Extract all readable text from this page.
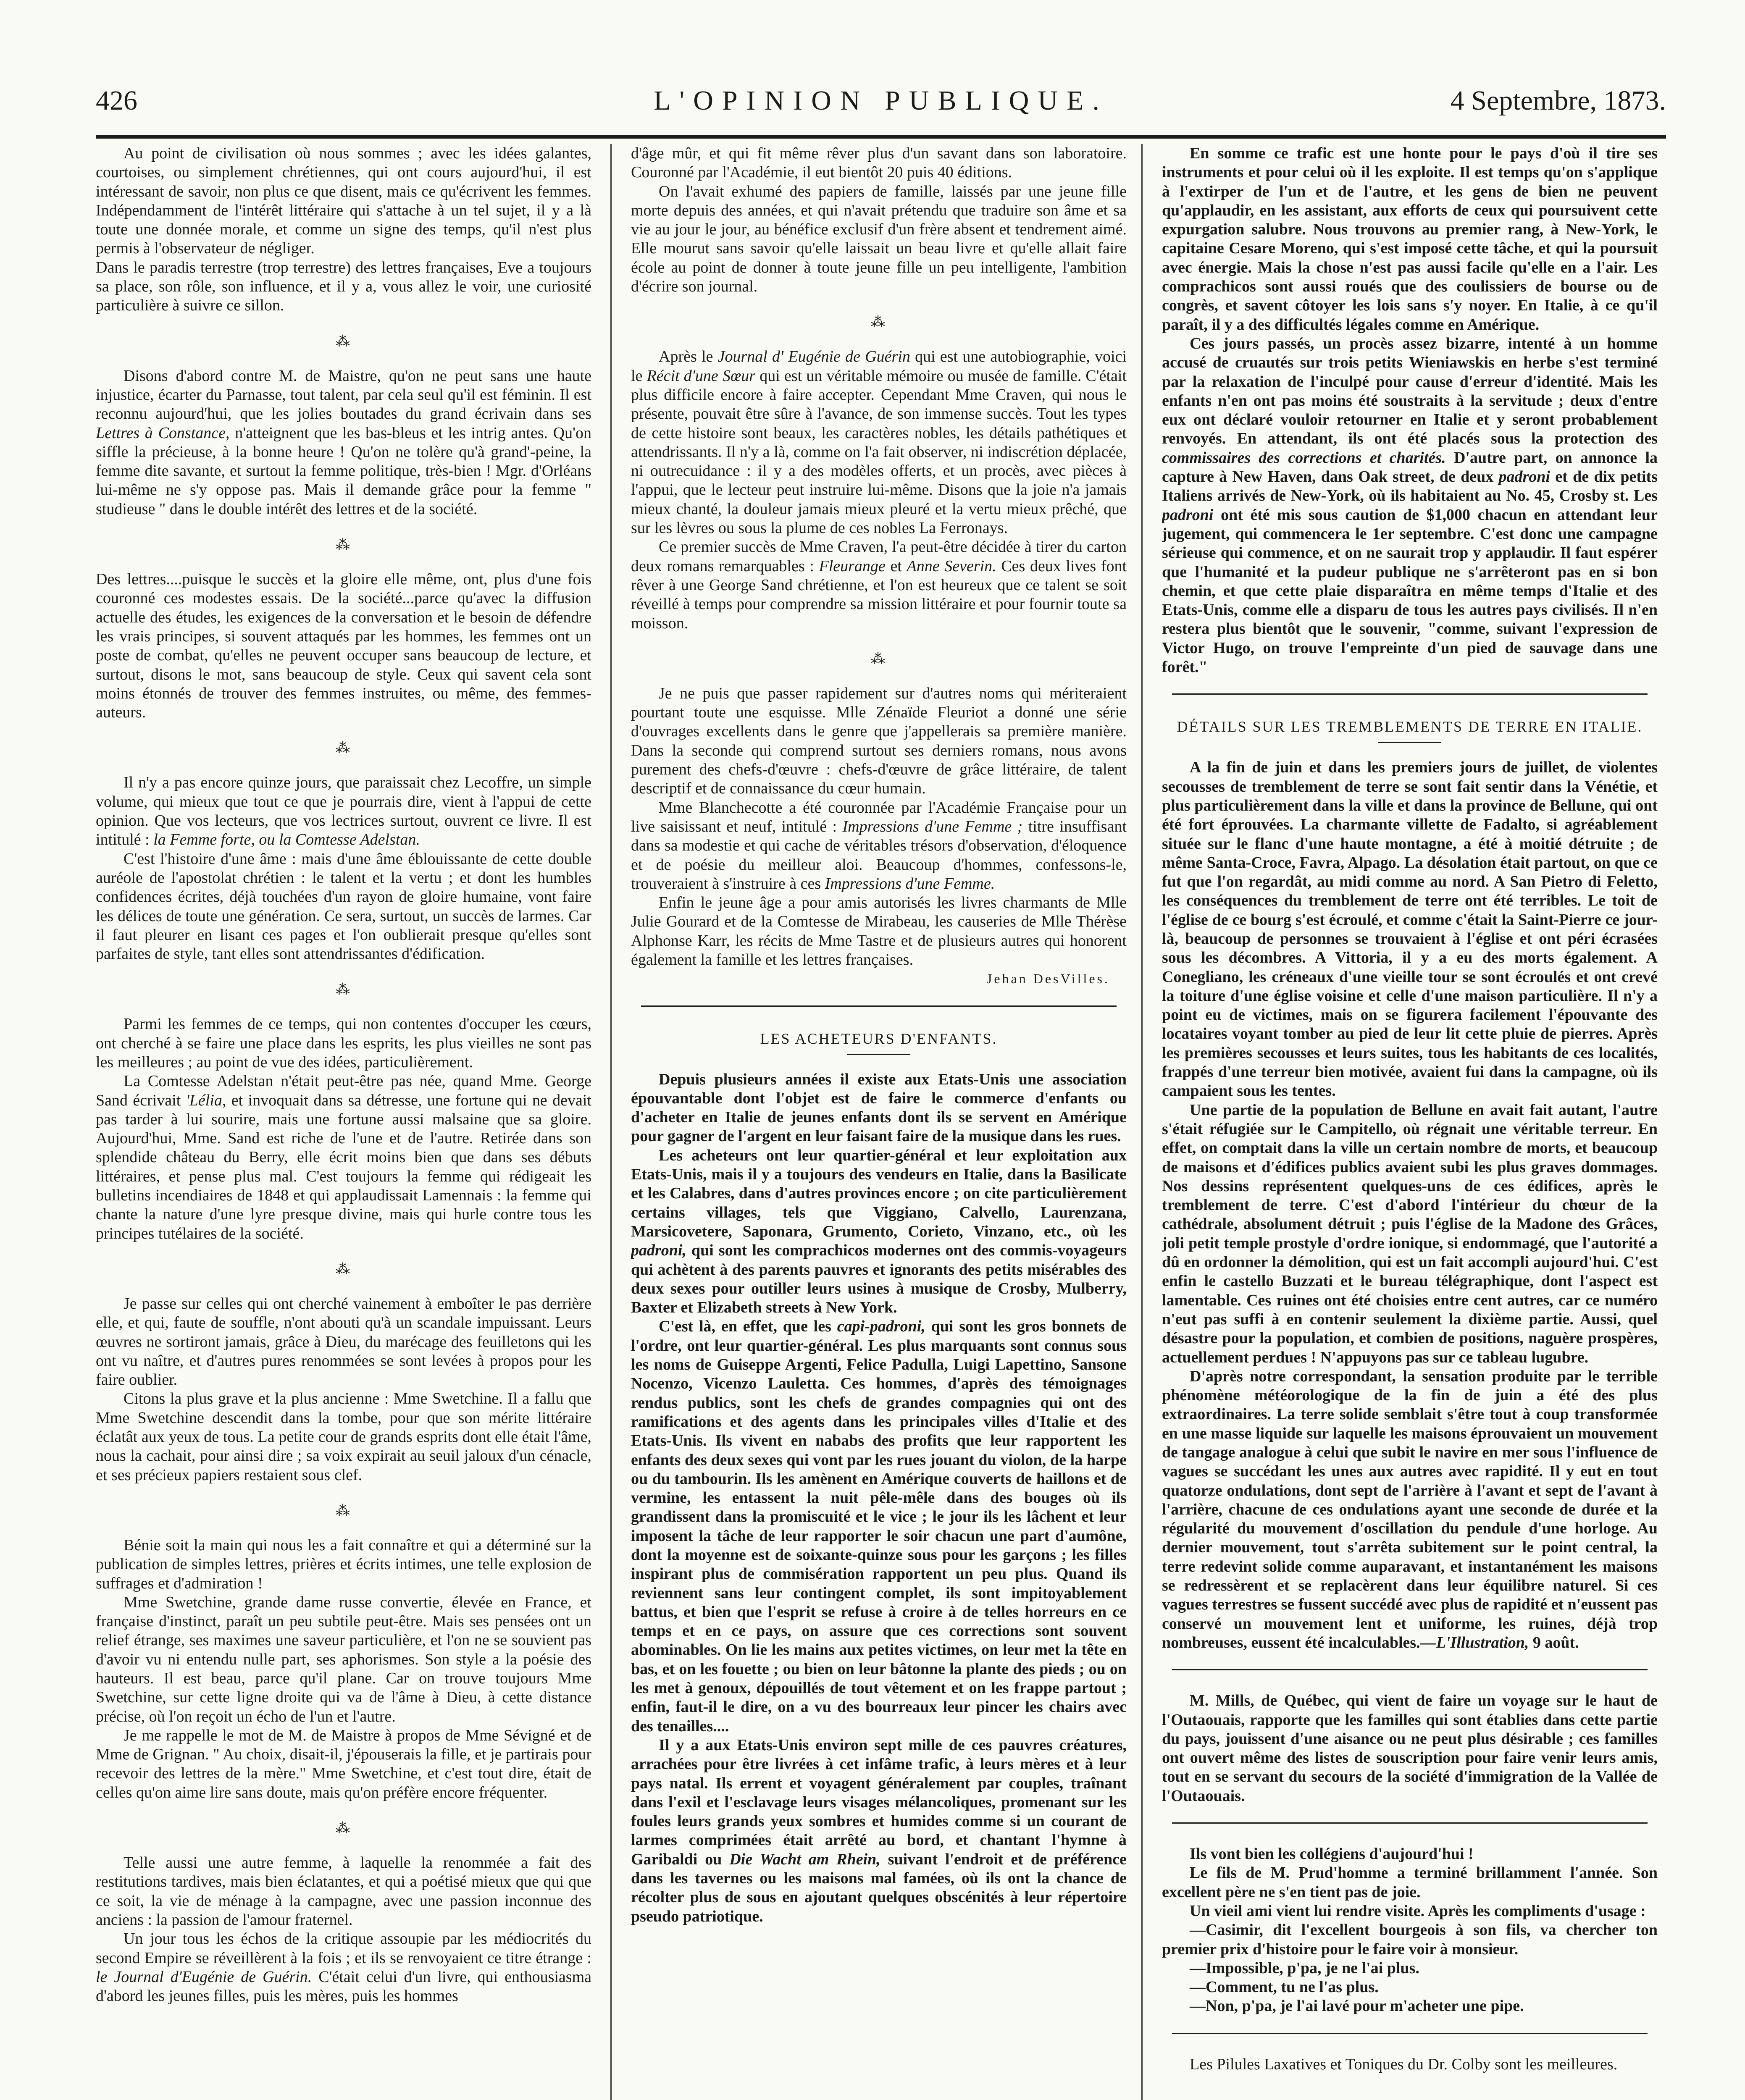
426	L'OPINION PUBLIQUE.	4 Septembre, 1873.

Au point de civilisation où nous sommes ; avec les idées galantes, courtoises, ou simplement chrétiennes, qui ont cours aujourd'hui, il est intéressant de savoir, non plus ce que disent, mais ce qu'écrivent les femmes. Indépendamment de l'intérêt littéraire qui s'attache à un tel sujet, il y a là toute une donnée morale, et comme un signe des temps, qu'il n'est plus permis à l'observateur de négliger.

Dans le paradis terrestre (trop terrestre) des lettres françaises, Eve a toujours sa place, son rôle, son influence, et il y a, vous allez le voir, une curiosité particulière à suivre ce sillon.

⁂

Disons d'abord contre M. de Maistre, qu'on ne peut sans une haute injustice, écarter du Parnasse, tout talent, par cela seul qu'il est féminin. Il est reconnu aujourd'hui, que les jolies boutades du grand écrivain dans ses Lettres à Constance, n'atteignent que les bas-bleus et les intrig antes. Qu'on siffle la précieuse, à la bonne heure ! Qu'on ne tolère qu'à grand'-peine, la femme dite savante, et surtout la femme politique, très-bien ! Mgr. d'Orléans lui-même ne s'y oppose pas. Mais il demande grâce pour la femme " studieuse " dans le double intérêt des lettres et de la société.

⁂

Des lettres....puisque le succès et la gloire elle même, ont, plus d'une fois couronné ces modestes essais. De la société...parce qu'avec la diffusion actuelle des études, les exigences de la conversation et le besoin de défendre les vrais principes, si souvent attaqués par les hommes, les femmes ont un poste de combat, qu'elles ne peuvent occuper sans beaucoup de lecture, et surtout, disons le mot, sans beaucoup de style. Ceux qui savent cela sont moins étonnés de trouver des femmes instruites, ou même, des femmes-auteurs.

⁂

Il n'y a pas encore quinze jours, que paraissait chez Lecoffre, un simple volume, qui mieux que tout ce que je pourrais dire, vient à l'appui de cette opinion. Que vos lecteurs, que vos lectrices surtout, ouvrent ce livre. Il est intitulé : la Femme forte, ou la Comtesse Adelstan.

C'est l'histoire d'une âme : mais d'une âme éblouissante de cette double auréole de l'apostolat chrétien : le talent et la vertu ; et dont les humbles confidences écrites, déjà touchées d'un rayon de gloire humaine, vont faire les délices de toute une génération. Ce sera, surtout, un succès de larmes. Car il faut pleurer en lisant ces pages et l'on oublierait presque qu'elles sont parfaites de style, tant elles sont attendrissantes d'édification.

⁂

Parmi les femmes de ce temps, qui non contentes d'occuper les cœurs, ont cherché à se faire une place dans les esprits, les plus vieilles ne sont pas les meilleures ; au point de vue des idées, particulièrement.

La Comtesse Adelstan n'était peut-être pas née, quand Mme. George Sand écrivait 'Lélia, et invoquait dans sa détresse, une fortune qui ne devait pas tarder à lui sourire, mais une fortune aussi malsaine que sa gloire. Aujourd'hui, Mme. Sand est riche de l'une et de l'autre. Retirée dans son splendide château du Berry, elle écrit moins bien que dans ses débuts littéraires, et pense plus mal. C'est toujours la femme qui rédigeait les bulletins incendiaires de 1848 et qui applaudissait Lamennais : la femme qui chante la nature d'une lyre presque divine, mais qui hurle contre tous les principes tutélaires de la société.

⁂

Je passe sur celles qui ont cherché vainement à emboîter le pas derrière elle, et qui, faute de souffle, n'ont abouti qu'à un scandale impuissant. Leurs œuvres ne sortiront jamais, grâce à Dieu, du marécage des feuilletons qui les ont vu naître, et d'autres pures renommées se sont levées à propos pour les faire oublier.

Citons la plus grave et la plus ancienne : Mme Swetchine. Il a fallu que Mme Swetchine descendit dans la tombe, pour que son mérite littéraire éclatât aux yeux de tous. La petite cour de grands esprits dont elle était l'âme, nous la cachait, pour ainsi dire ; sa voix expirait au seuil jaloux d'un cénacle, et ses précieux papiers restaient sous clef.

⁂

Bénie soit la main qui nous les a fait connaître et qui a déterminé sur la publication de simples lettres, prières et écrits intimes, une telle explosion de suffrages et d'admiration !

Mme Swetchine, grande dame russe convertie, élevée en France, et française d'instinct, paraît un peu subtile peut-être. Mais ses pensées ont un relief étrange, ses maximes une saveur particulière, et l'on ne se souvient pas d'avoir vu ni entendu nulle part, ses aphorismes. Son style a la poésie des hauteurs. Il est beau, parce qu'il plane. Car on trouve toujours Mme Swetchine, sur cette ligne droite qui va de l'âme à Dieu, à cette distance précise, où l'on reçoit un écho de l'un et l'autre.

Je me rappelle le mot de M. de Maistre à propos de Mme Sévigné et de Mme de Grignan. " Au choix, disait-il, j'épouserais la fille, et je partirais pour recevoir des lettres de la mère." Mme Swetchine, et c'est tout dire, était de celles qu'on aime lire sans doute, mais qu'on préfère encore fréquenter.

⁂

Telle aussi une autre femme, à laquelle la renommée a fait des restitutions tardives, mais bien éclatantes, et qui a poétisé mieux que qui que ce soit, la vie de ménage à la campagne, avec une passion inconnue des anciens : la passion de l'amour fraternel.

Un jour tous les échos de la critique assoupie par les médiocrités du second Empire se réveillèrent à la fois ; et ils se renvoyaient ce titre étrange : le Journal d'Eugénie de Guérin. C'était celui d'un livre, qui enthousiasma d'abord les jeunes filles, puis les mères, puis les hommes

d'âge mûr, et qui fit même rêver plus d'un savant dans son laboratoire. Couronné par l'Académie, il eut bientôt 20 puis 40 éditions.

On l'avait exhumé des papiers de famille, laissés par une jeune fille morte depuis des années, et qui n'avait prétendu que traduire son âme et sa vie au jour le jour, au bénéfice exclusif d'un frère absent et tendrement aimé. Elle mourut sans savoir qu'elle laissait un beau livre et qu'elle allait faire école au point de donner à toute jeune fille un peu intelligente, l'ambition d'écrire son journal.

⁂

Après le Journal d' Eugénie de Guérin qui est une autobiographie, voici le Récit d'une Sœur qui est un véritable mémoire ou musée de famille. C'était plus difficile encore à faire accepter. Cependant Mme Craven, qui nous le présente, pouvait être sûre à l'avance, de son immense succès. Tout les types de cette histoire sont beaux, les caractères nobles, les détails pathétiques et attendrissants. Il n'y a là, comme on l'a fait observer, ni indiscrétion déplacée, ni outrecuidance : il y a des modèles offerts, et un procès, avec pièces à l'appui, que le lecteur peut instruire lui-même. Disons que la joie n'a jamais mieux chanté, la douleur jamais mieux pleuré et la vertu mieux prêché, que sur les lèvres ou sous la plume de ces nobles La Ferronays.

Ce premier succès de Mme Craven, l'a peut-être décidée à tirer du carton deux romans remarquables : Fleurange et Anne Severin. Ces deux lives font rêver à une George Sand chrétienne, et l'on est heureux que ce talent se soit réveillé à temps pour comprendre sa mission littéraire et pour fournir toute sa moisson.

⁂

Je ne puis que passer rapidement sur d'autres noms qui mériteraient pourtant toute une esquisse. Mlle Zénaïde Fleuriot a donné une série d'ouvrages excellents dans le genre que j'appellerais sa première manière. Dans la seconde qui comprend surtout ses derniers romans, nous avons purement des chefs-d'œuvre : chefs-d'œuvre de grâce littéraire, de talent descriptif et de connaissance du cœur humain.

Mme Blanchecotte a été couronnée par l'Académie Française pour un live saisissant et neuf, intitulé : Impressions d'une Femme ; titre insuffisant dans sa modestie et qui cache de véritables trésors d'observation, d'éloquence et de poésie du meilleur aloi. Beaucoup d'hommes, confessons-le, trouveraient à s'instruire à ces Impressions d'une Femme.

Enfin le jeune âge a pour amis autorisés les livres charmants de Mlle Julie Gourard et de la Comtesse de Mirabeau, les causeries de Mlle Thérèse Alphonse Karr, les récits de Mme Tastre et de plusieurs autres qui honorent également la famille et les lettres françaises.

Jehan DesVilles.

LES ACHETEURS D'ENFANTS.

Depuis plusieurs années il existe aux Etats-Unis une association épouvantable dont l'objet est de faire le commerce d'enfants ou d'acheter en Italie de jeunes enfants dont ils se servent en Amérique pour gagner de l'argent en leur faisant faire de la musique dans les rues.

Les acheteurs ont leur quartier-général et leur exploitation aux Etats-Unis, mais il y a toujours des vendeurs en Italie, dans la Basilicate et les Calabres, dans d'autres provinces encore ; on cite particulièrement certains villages, tels que Viggiano, Calvello, Laurenzana, Marsicovetere, Saponara, Grumento, Corieto, Vinzano, etc., où les padroni, qui sont les comprachicos modernes ont des commis-voyageurs qui achètent à des parents pauvres et ignorants des petits misérables des deux sexes pour outiller leurs usines à musique de Crosby, Mulberry, Baxter et Elizabeth streets à New York.

C'est là, en effet, que les capi-padroni, qui sont les gros bonnets de l'ordre, ont leur quartier-général. Les plus marquants sont connus sous les noms de Guiseppe Argenti, Felice Padulla, Luigi Lapettino, Sansone Nocenzo, Vicenzo Lauletta. Ces hommes, d'après des témoignages rendus publics, sont les chefs de grandes compagnies qui ont des ramifications et des agents dans les principales villes d'Italie et des Etats-Unis. Ils vivent en nababs des profits que leur rapportent les enfants des deux sexes qui vont par les rues jouant du violon, de la harpe ou du tambourin. Ils les amènent en Amérique couverts de haillons et de vermine, les entassent la nuit pêle-mêle dans des bouges où ils grandissent dans la promiscuité et le vice ; le jour ils les lâchent et leur imposent la tâche de leur rapporter le soir chacun une part d'aumône, dont la moyenne est de soixante-quinze sous pour les garçons ; les filles inspirant plus de commisération rapportent un peu plus. Quand ils reviennent sans leur contingent complet, ils sont impitoyablement battus, et bien que l'esprit se refuse à croire à de telles horreurs en ce temps et en ce pays, on assure que ces corrections sont souvent abominables. On lie les mains aux petites victimes, on leur met la tête en bas, et on les fouette ; ou bien on leur bâtonne la plante des pieds ; ou on les met à genoux, dépouillés de tout vêtement et on les frappe partout ; enfin, faut-il le dire, on a vu des bourreaux leur pincer les chairs avec des tenailles....

Il y a aux Etats-Unis environ sept mille de ces pauvres créatures, arrachées pour être livrées à cet infâme trafic, à leurs mères et à leur pays natal. Ils errent et voyagent généralement par couples, traînant dans l'exil et l'esclavage leurs visages mélancoliques, promenant sur les foules leurs grands yeux sombres et humides comme si un courant de larmes comprimées était arrêté au bord, et chantant l'hymne à Garibaldi ou Die Wacht am Rhein, suivant l'endroit et de préférence dans les tavernes ou les maisons mal famées, où ils ont la chance de récolter plus de sous en ajoutant quelques obscénités à leur répertoire pseudo patriotique.

En somme ce trafic est une honte pour le pays d'où il tire ses instruments et pour celui où il les exploite. Il est temps qu'on s'applique à l'extirper de l'un et de l'autre, et les gens de bien ne peuvent qu'applaudir, en les assistant, aux efforts de ceux qui poursuivent cette expurgation salubre. Nous trouvons au premier rang, à New-York, le capitaine Cesare Moreno, qui s'est imposé cette tâche, et qui la poursuit avec énergie. Mais la chose n'est pas aussi facile qu'elle en a l'air. Les comprachicos sont aussi roués que des coulissiers de bourse ou de congrès, et savent côtoyer les lois sans s'y noyer. En Italie, à ce qu'il paraît, il y a des difficultés légales comme en Amérique.

Ces jours passés, un procès assez bizarre, intenté à un homme accusé de cruautés sur trois petits Wieniawskis en herbe s'est terminé par la relaxation de l'inculpé pour cause d'erreur d'identité. Mais les enfants n'en ont pas moins été soustraits à la servitude ; deux d'entre eux ont déclaré vouloir retourner en Italie et y seront probablement renvoyés. En attendant, ils ont été placés sous la protection des commissaires des corrections et charités. D'autre part, on annonce la capture à New Haven, dans Oak street, de deux padroni et de dix petits Italiens arrivés de New-York, où ils habitaient au No. 45, Crosby st. Les padroni ont été mis sous caution de $1,000 chacun en attendant leur jugement, qui commencera le 1er septembre. C'est donc une campagne sérieuse qui commence, et on ne saurait trop y applaudir. Il faut espérer que l'humanité et la pudeur publique ne s'arrêteront pas en si bon chemin, et que cette plaie disparaîtra en même temps d'Italie et des Etats-Unis, comme elle a disparu de tous les autres pays civilisés. Il n'en restera plus bientôt que le souvenir, "comme, suivant l'expression de Victor Hugo, on trouve l'empreinte d'un pied de sauvage dans une forêt."

DÉTAILS SUR LES TREMBLEMENTS DE TERRE EN ITALIE.

A la fin de juin et dans les premiers jours de juillet, de violentes secousses de tremblement de terre se sont fait sentir dans la Vénétie, et plus particulièrement dans la ville et dans la province de Bellune, qui ont été fort éprouvées. La charmante villette de Fadalto, si agréablement située sur le flanc d'une haute montagne, a été à moitié détruite ; de même Santa-Croce, Favra, Alpago. La désolation était partout, on que ce fut que l'on regardât, au midi comme au nord. A San Pietro di Feletto, les conséquences du tremblement de terre ont été terribles. Le toit de l'église de ce bourg s'est écroulé, et comme c'était la Saint-Pierre ce jour-là, beaucoup de personnes se trouvaient à l'église et ont péri écrasées sous les décombres. A Vittoria, il y a eu des morts également. A Conegliano, les créneaux d'une vieille tour se sont écroulés et ont crevé la toiture d'une église voisine et celle d'une maison particulière. Il n'y a point eu de victimes, mais on se figurera facilement l'épouvante des locataires voyant tomber au pied de leur lit cette pluie de pierres. Après les premières secousses et leurs suites, tous les habitants de ces localités, frappés d'une terreur bien motivée, avaient fui dans la campagne, où ils campaient sous les tentes.

Une partie de la population de Bellune en avait fait autant, l'autre s'était réfugiée sur le Campitello, où régnait une véritable terreur. En effet, on comptait dans la ville un certain nombre de morts, et beaucoup de maisons et d'édifices publics avaient subi les plus graves dommages. Nos dessins représentent quelques-uns de ces édifices, après le tremblement de terre. C'est d'abord l'intérieur du chœur de la cathédrale, absolument détruit ; puis l'église de la Madone des Grâces, joli petit temple prostyle d'ordre ionique, si endommagé, que l'autorité a dû en ordonner la démolition, qui est un fait accompli aujourd'hui. C'est enfin le castello Buzzati et le bureau télégraphique, dont l'aspect est lamentable. Ces ruines ont été choisies entre cent autres, car ce numéro n'eut pas suffi à en contenir seulement la dixième partie. Aussi, quel désastre pour la population, et combien de positions, naguère prospères, actuellement perdues ! N'appuyons pas sur ce tableau lugubre.

D'après notre correspondant, la sensation produite par le terrible phénomène météorologique de la fin de juin a été des plus extraordinaires. La terre solide semblait s'être tout à coup transformée en une masse liquide sur laquelle les maisons éprouvaient un mouvement de tangage analogue à celui que subit le navire en mer sous l'influence de vagues se succédant les unes aux autres avec rapidité. Il y eut en tout quatorze ondulations, dont sept de l'arrière à l'avant et sept de l'avant à l'arrière, chacune de ces ondulations ayant une seconde de durée et la régularité du mouvement d'oscillation du pendule d'une horloge. Au dernier mouvement, tout s'arrêta subitement sur le point central, la terre redevint solide comme auparavant, et instantanément les maisons se redressèrent et se replacèrent dans leur équilibre naturel. Si ces vagues terrestres se fussent succédé avec plus de rapidité et n'eussent pas conservé un mouvement lent et uniforme, les ruines, déjà trop nombreuses, eussent été incalculables.—L'Illustration, 9 août.

M. Mills, de Québec, qui vient de faire un voyage sur le haut de l'Outaouais, rapporte que les familles qui sont établies dans cette partie du pays, jouissent d'une aisance ou ne peut plus désirable ; ces familles ont ouvert même des listes de souscription pour faire venir leurs amis, tout en se servant du secours de la société d'immigration de la Vallée de l'Outaouais.

Ils vont bien les collégiens d'aujourd'hui !

Le fils de M. Prud'homme a terminé brillamment l'année. Son excellent père ne s'en tient pas de joie.

Un vieil ami vient lui rendre visite. Après les compliments d'usage :

—Casimir, dit l'excellent bourgeois à son fils, va chercher ton premier prix d'histoire pour le faire voir à monsieur.

—Impossible, p'pa, je ne l'ai plus.

—Comment, tu ne l'as plus.

—Non, p'pa, je l'ai lavé pour m'acheter une pipe.

Les Pilules Laxatives et Toniques du Dr. Colby sont les meilleures.
